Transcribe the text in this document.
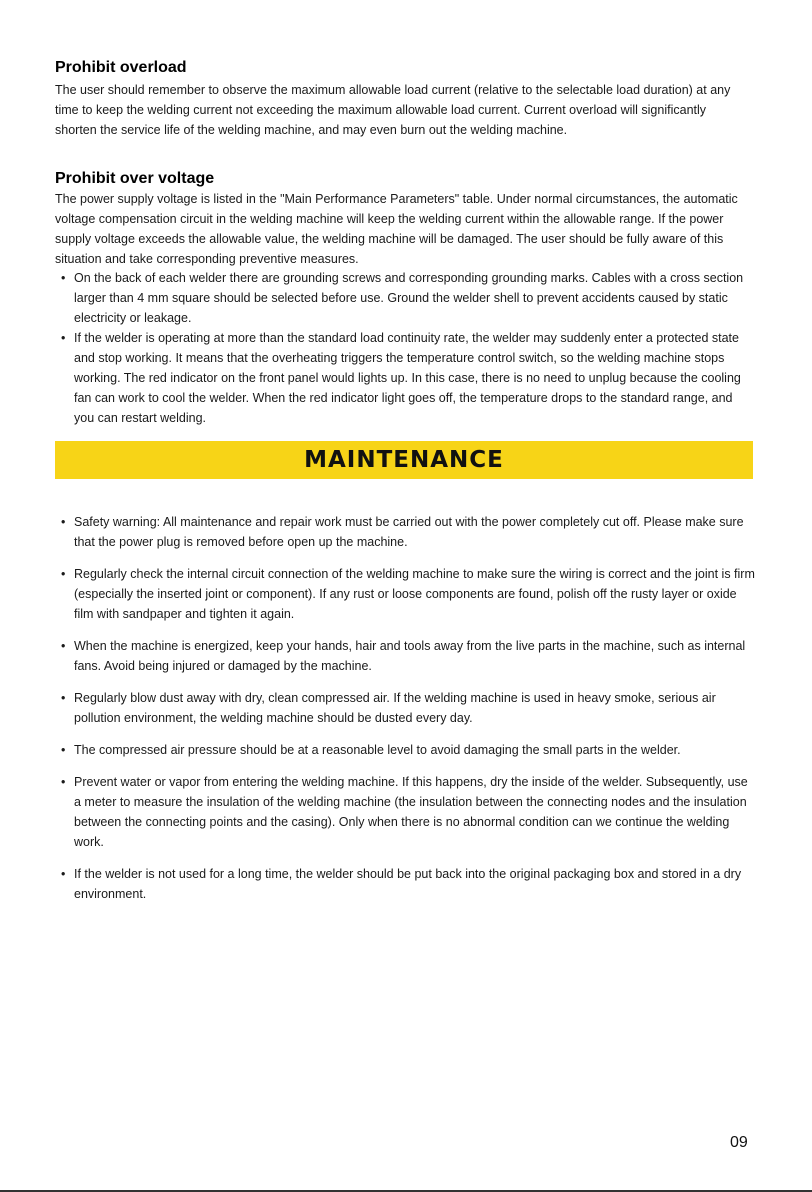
Prohibit overload

The user should remember to observe the maximum allowable load current (relative to the selectable load duration) at any time to keep the welding current not exceeding the maximum allowable load current. Current overload will significantly shorten the service life of the welding machine, and may even burn out the welding machine.

Prohibit over voltage

The power supply voltage is listed in the "Main Performance Parameters" table. Under normal circumstances, the automatic voltage compensation circuit in the welding machine will keep the welding current within the allowable range. If the power supply voltage exceeds the allowable value, the welding machine will be damaged. The user should be fully aware of this situation and take corresponding preventive measures.

• On the back of each welder there are grounding screws and corresponding grounding marks. Cables with a cross section larger than 4 mm square should be selected before use. Ground the welder shell to prevent accidents caused by static electricity or leakage.
• If the welder is operating at more than the standard load continuity rate, the welder may suddenly enter a protected state and stop working. It means that the overheating triggers the temperature control switch, so the welding machine stops working. The red indicator on the front panel would lights up. In this case, there is no need to unplug because the cooling fan can work to cool the welder. When the red indicator light goes off, the temperature drops to the standard range, and you can restart welding.
MAINTENANCE
• Safety warning: All maintenance and repair work must be carried out with the power completely cut off. Please make sure that the power plug is removed before open up the machine.
• Regularly check the internal circuit connection of the welding machine to make sure the wiring is correct and the joint is firm (especially the inserted joint or component). If any rust or loose components are found, polish off the rusty layer or oxide film with sandpaper and tighten it again.
• When the machine is energized, keep your hands, hair and tools away from the live parts in the machine, such as internal fans. Avoid being injured or damaged by the machine.
• Regularly blow dust away with dry, clean compressed air. If the welding machine is used in heavy smoke, serious air pollution environment, the welding machine should be dusted every day.
• The compressed air pressure should be at a reasonable level to avoid damaging the small parts in the welder.
• Prevent water or vapor from entering the welding machine. If this happens, dry the inside of the welder. Subsequently, use a meter to measure the insulation of the welding machine (the insulation between the connecting nodes and the insulation between the connecting points and the casing). Only when there is no abnormal condition can we continue the welding work.
• If the welder is not used for a long time, the welder should be put back into the original packaging box and stored in a dry environment.
09
